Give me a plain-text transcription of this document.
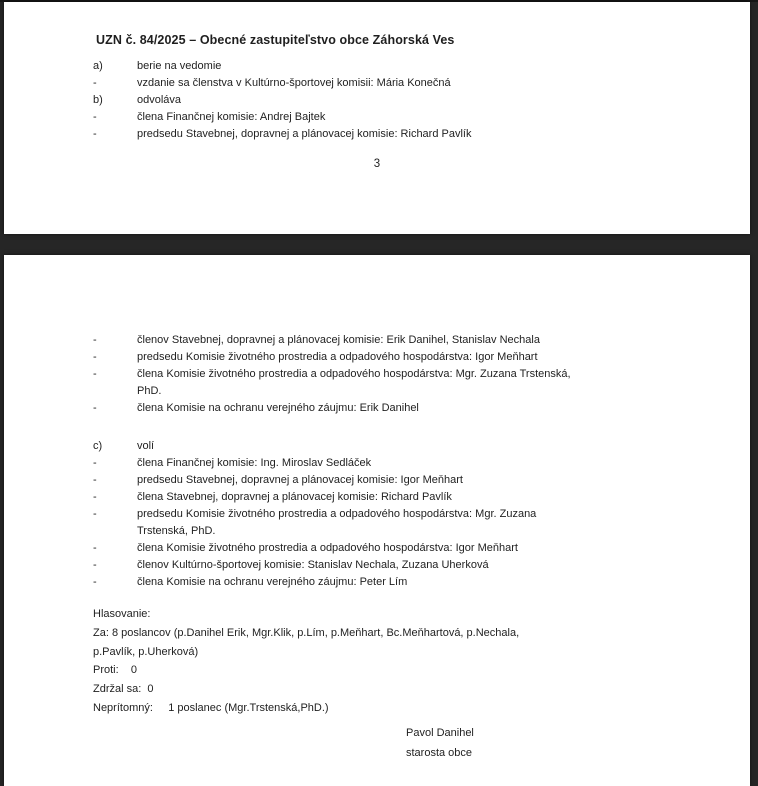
UZN č. 84/2025 – Obecné zastupiteľstvo obce Záhorská Ves
a)	berie na vedomie
-	vzdanie sa členstva v Kultúrno-športovej komisii: Mária Konečná
b)	odvoláva
-	člena Finančnej komisie: Andrej Bajtek
-	predsedu Stavebnej, dopravnej a plánovacej komisie: Richard Pavlík
3
-	členov Stavebnej, dopravnej a plánovacej komisie: Erik Danihel, Stanislav Nechala
-	predsedu Komisie životného prostredia a odpadového hospodárstva: Igor Meňhart
-	člena Komisie životného prostredia a odpadového hospodárstva: Mgr. Zuzana Trstenská,
PhD.
-	člena Komisie na ochranu verejného záujmu: Erik Danihel
c)	volí
-	člena Finančnej komisie: Ing. Miroslav Sedláček
-	predsedu Stavebnej, dopravnej a plánovacej komisie: Igor Meňhart
-	člena Stavebnej, dopravnej a plánovacej komisie: Richard Pavlík
-	predsedu Komisie životného prostredia a odpadového hospodárstva: Mgr. Zuzana
Trstenská, PhD.
-	člena Komisie životného prostredia a odpadového hospodárstva: Igor Meňhart
-	členov Kultúrno-športovej komisie: Stanislav Nechala, Zuzana Uherková
-	člena Komisie na ochranu verejného záujmu: Peter Lím
Hlasovanie:
Za: 8 poslancov (p.Danihel Erik, Mgr.Klik, p.Lím, p.Meňhart, Bc.Meňhartová, p.Nechala,
p.Pavlík, p.Uherková)
Proti:    0
Zdržal sa:  0
Neprítomný:     1 poslanec (Mgr.Trstenská,PhD.)
Pavol Danihel
starosta obce
